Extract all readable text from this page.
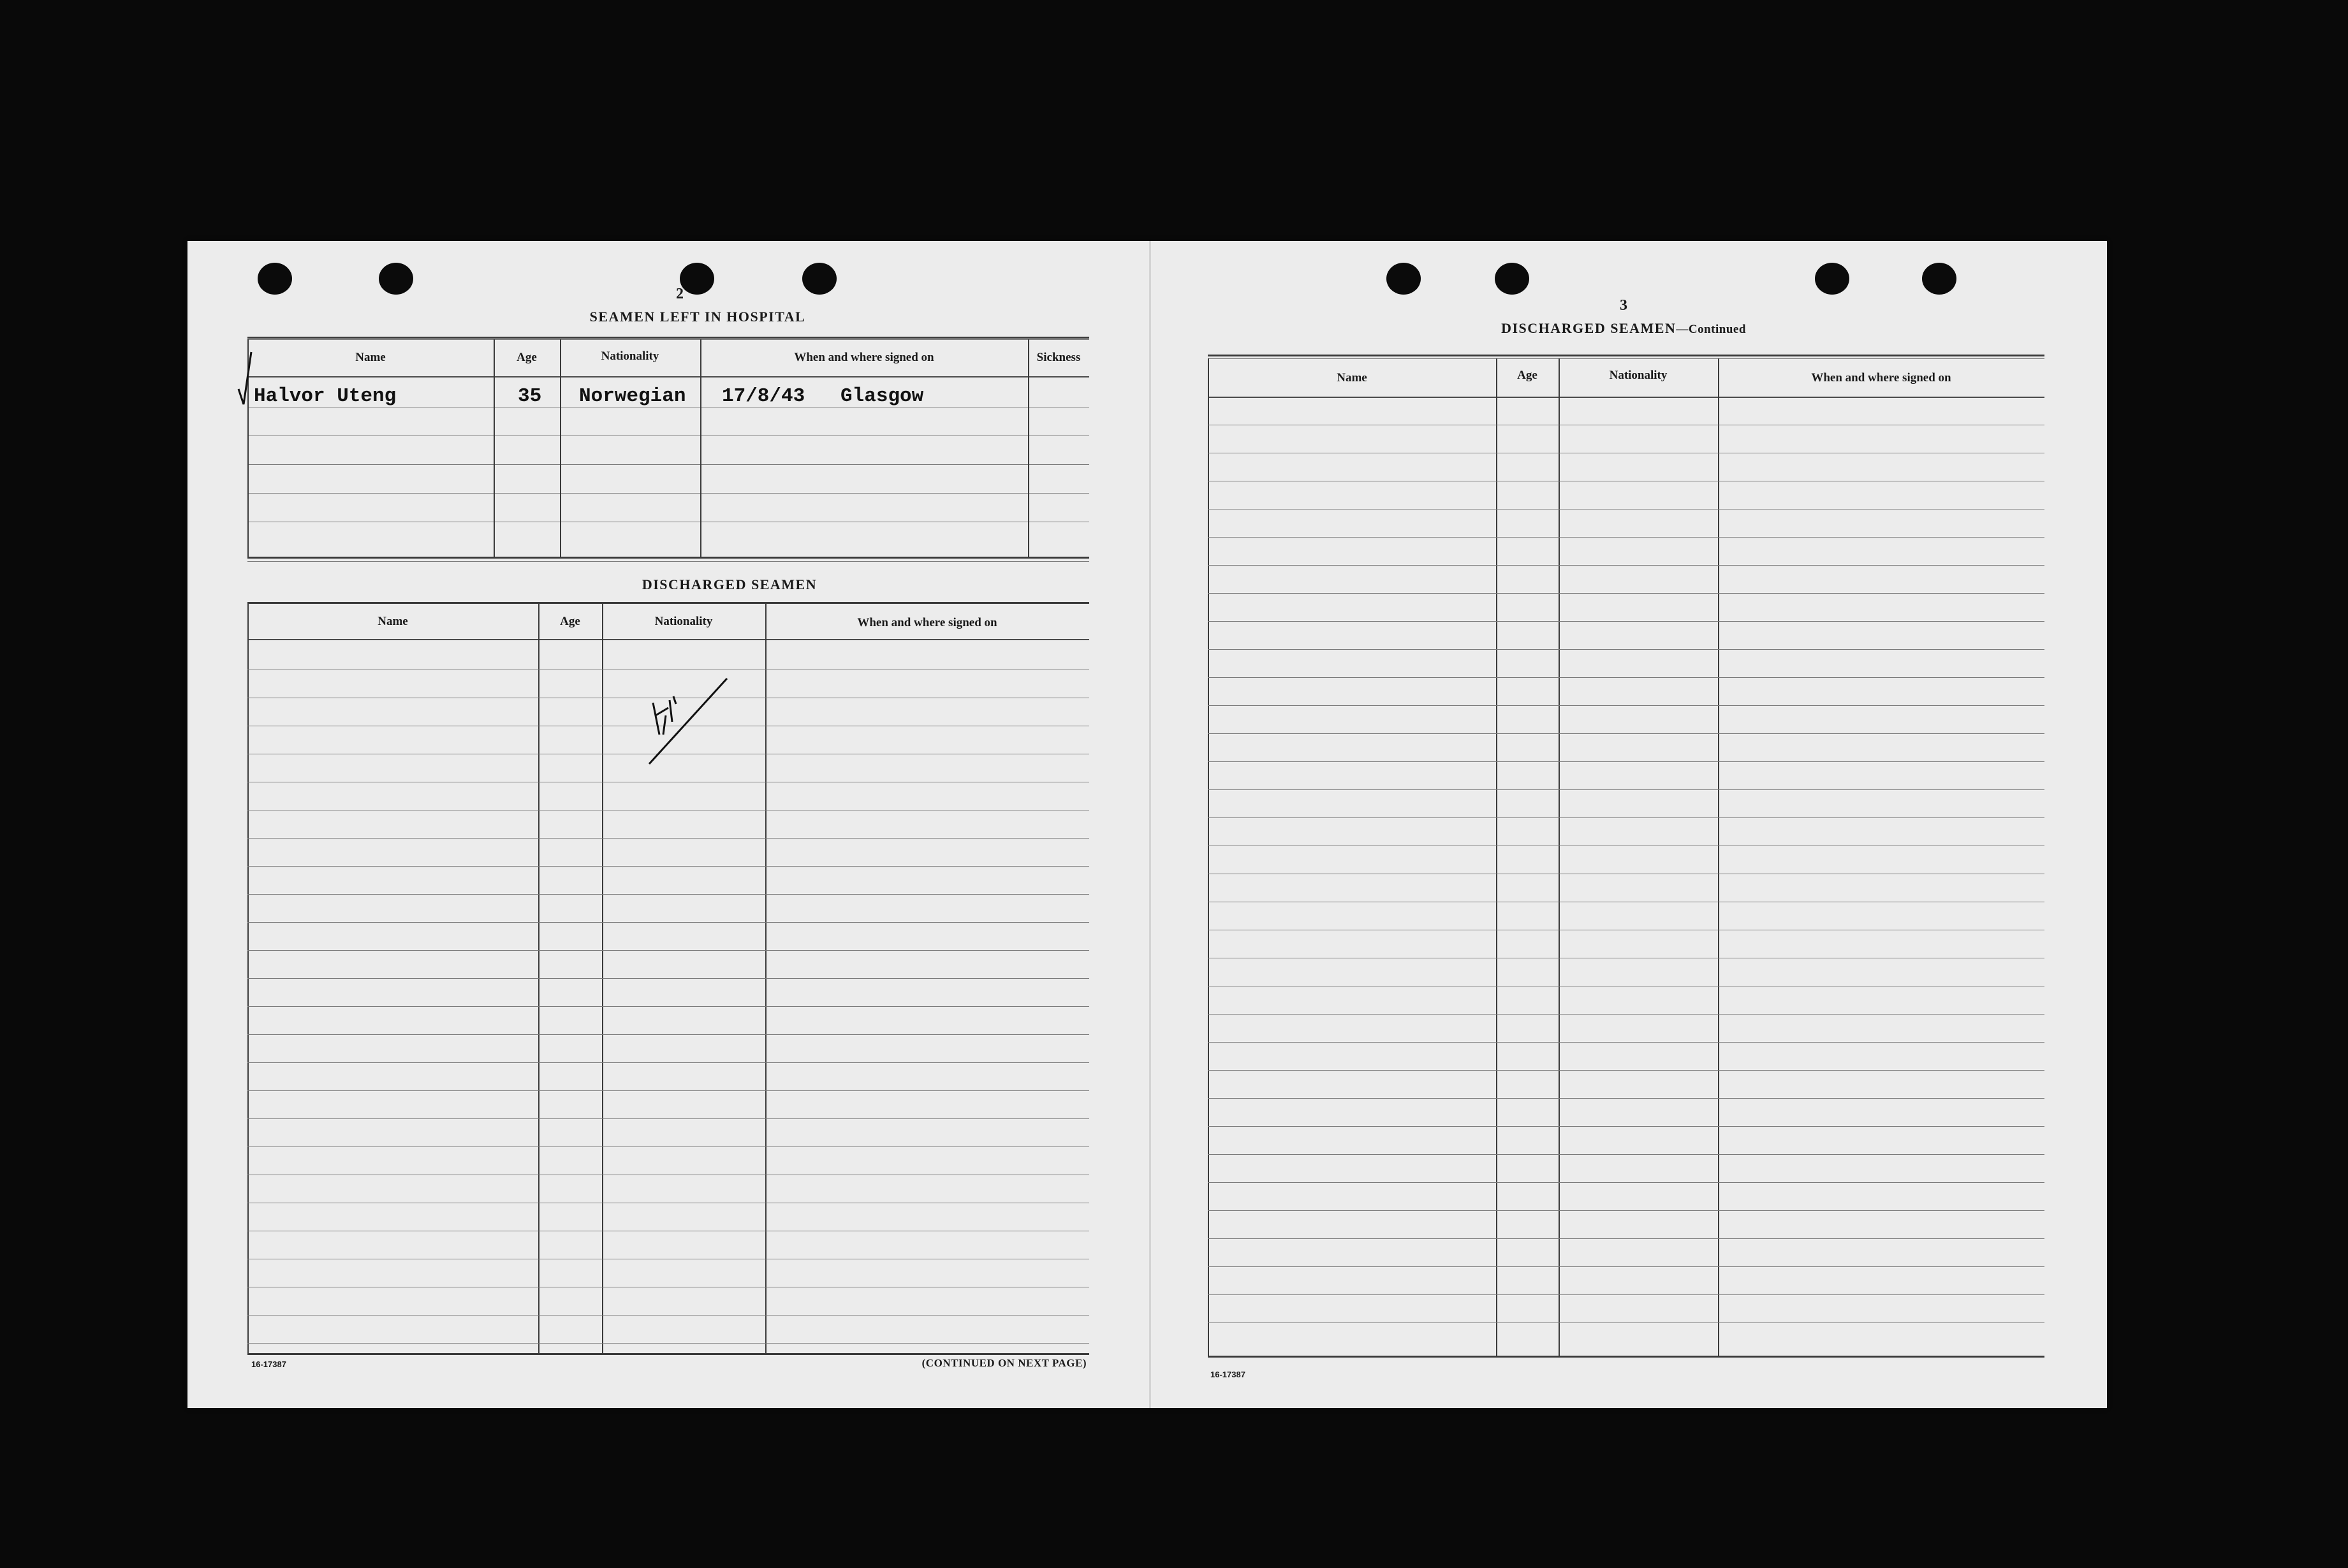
2
SEAMEN LEFT IN HOSPITAL
Name	Age	Nationality	When and where signed on	Sickness
Halvor Uteng	35 Norwegian 17/8/43   Glasgow
DISCHARGED SEAMEN
Name	Age	Nationality	When and where signed on
16-17387	(CONTINUED ON NEXT PAGE)
3
DISCHARGED SEAMEN—Continued
Name	Age	Nationality	When and where signed on
16-17387
